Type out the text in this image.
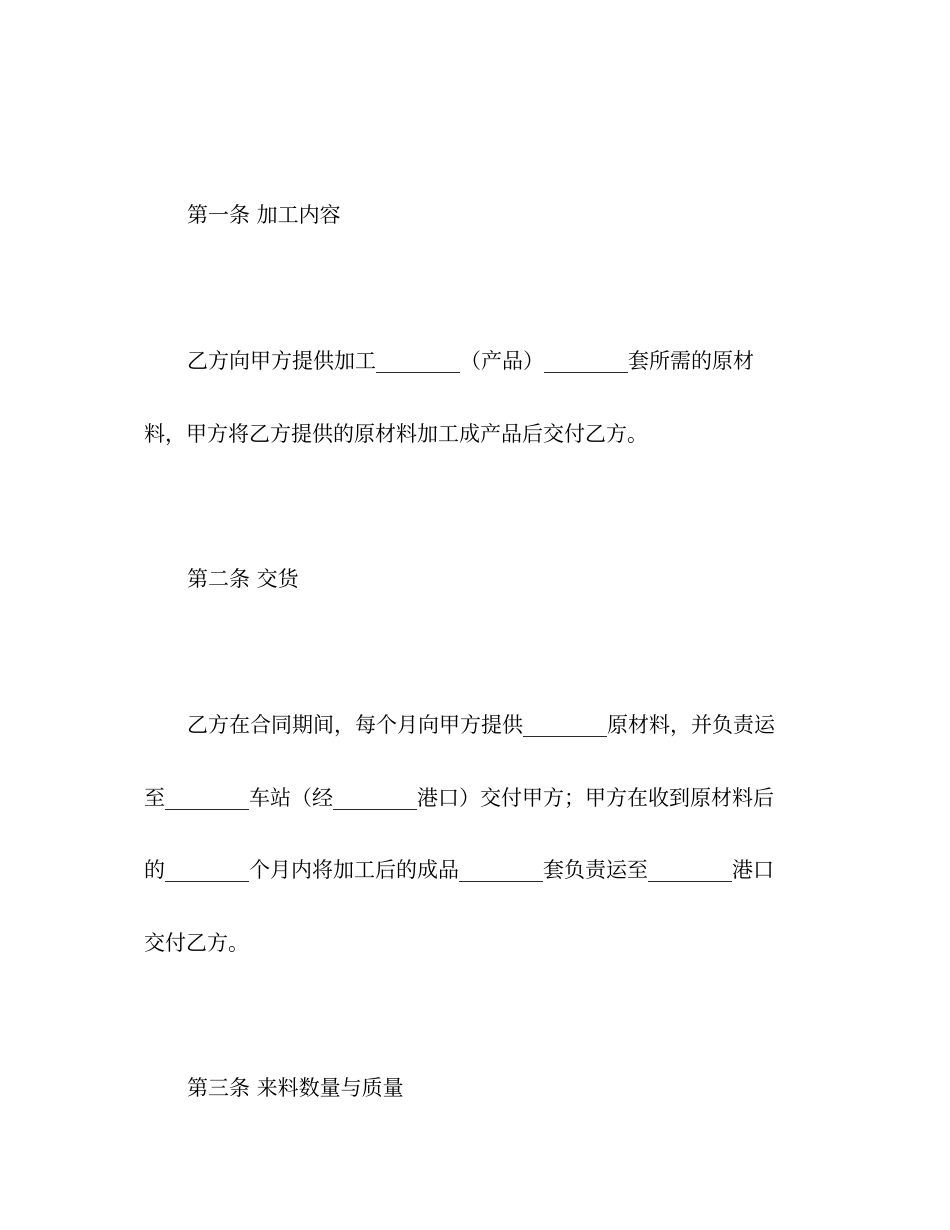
第一条 加工内容
乙方向甲方提供加工________（产品）________套所需的原材
料，甲方将乙方提供的原材料加工成产品后交付乙方。
第二条 交货
乙方在合同期间，每个月向甲方提供________原材料，并负责运
至________车站（经________港口）交付甲方；甲方在收到原材料后
的________个月内将加工后的成品________套负责运至________港口
交付乙方。
第三条 来料数量与质量
